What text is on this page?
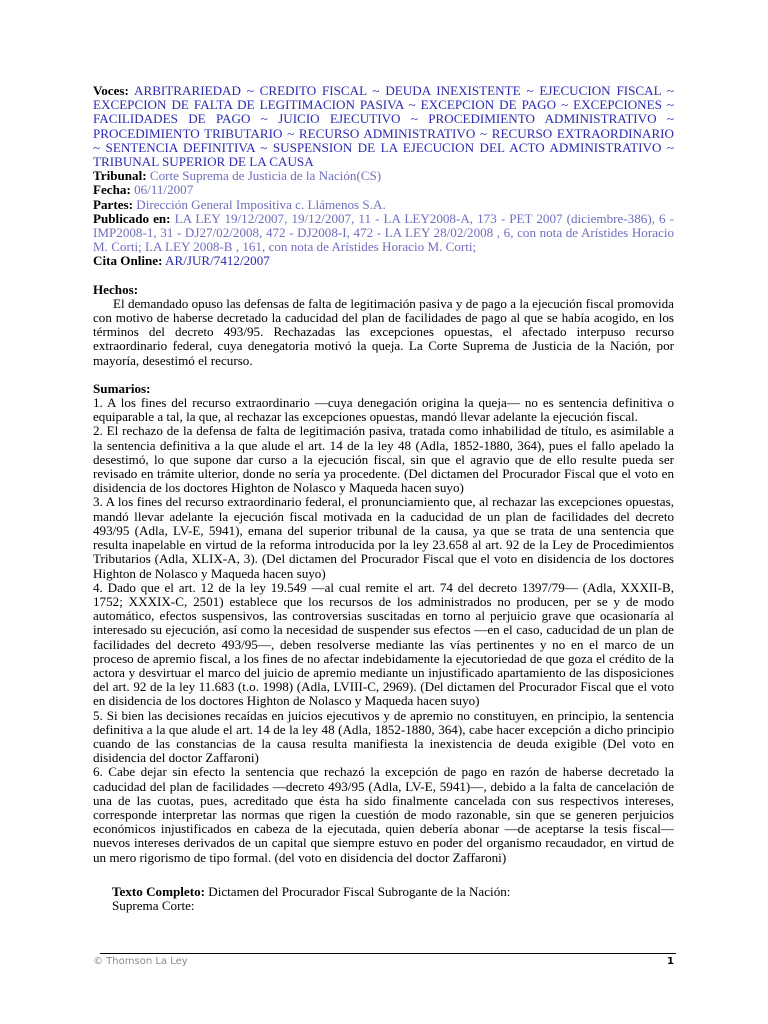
Voces: ARBITRARIEDAD ~ CREDITO FISCAL ~ DEUDA INEXISTENTE ~ EJECUCION FISCAL ~ EXCEPCION DE FALTA DE LEGITIMACION PASIVA ~ EXCEPCION DE PAGO ~ EXCEPCIONES ~ FACILIDADES DE PAGO ~ JUICIO EJECUTIVO ~ PROCEDIMIENTO ADMINISTRATIVO ~ PROCEDIMIENTO TRIBUTARIO ~ RECURSO ADMINISTRATIVO ~ RECURSO EXTRAORDINARIO ~ SENTENCIA DEFINITIVA ~ SUSPENSION DE LA EJECUCION DEL ACTO ADMINISTRATIVO ~ TRIBUNAL SUPERIOR DE LA CAUSA

Tribunal: Corte Suprema de Justicia de la Nación(CS)

Fecha: 06/11/2007

Partes: Dirección General Impositiva c. Llámenos S.A.

Publicado en: LA LEY 19/12/2007, 19/12/2007, 11 - LA LEY2008-A, 173 - PET 2007 (diciembre-386), 6 - IMP2008-1, 31 - DJ27/02/2008, 472 - DJ2008-I, 472 - LA LEY 28/02/2008 , 6, con nota de Arístides Horacio M. Corti; LA LEY 2008-B , 161, con nota de Arístides Horacio M. Corti;

Cita Online: AR/JUR/7412/2007

Hechos:

El demandado opuso las defensas de falta de legitimación pasiva y de pago a la ejecución fiscal promovida con motivo de haberse decretado la caducidad del plan de facilidades de pago al que se había acogido, en los términos del decreto 493/95. Rechazadas las excepciones opuestas, el afectado interpuso recurso extraordinario federal, cuya denegatoria motivó la queja. La Corte Suprema de Justicia de la Nación, por mayoría, desestimó el recurso.

Sumarios:

1. A los fines del recurso extraordinario —cuya denegación origina la queja— no es sentencia definitiva o equiparable a tal, la que, al rechazar las excepciones opuestas, mandó llevar adelante la ejecución fiscal.

2. El rechazo de la defensa de falta de legitimación pasiva, tratada como inhabilidad de título, es asimilable a la sentencia definitiva a la que alude el art. 14 de la ley 48 (Adla, 1852-1880, 364), pues el fallo apelado la desestimó, lo que supone dar curso a la ejecución fiscal, sin que el agravio que de ello resulte pueda ser revisado en trámite ulterior, donde no sería ya procedente. (Del dictamen del Procurador Fiscal que el voto en disidencia de los doctores Highton de Nolasco y Maqueda hacen suyo)

3. A los fines del recurso extraordinario federal, el pronunciamiento que, al rechazar las excepciones opuestas, mandó llevar adelante la ejecución fiscal motivada en la caducidad de un plan de facilidades del decreto 493/95 (Adla, LV-E, 5941), emana del superior tribunal de la causa, ya que se trata de una sentencia que resulta inapelable en virtud de la reforma introducida por la ley 23.658 al art. 92 de la Ley de Procedimientos Tributarios (Adla, XLIX-A, 3). (Del dictamen del Procurador Fiscal que el voto en disidencia de los doctores Highton de Nolasco y Maqueda hacen suyo)

4. Dado que el art. 12 de la ley 19.549 —al cual remite el art. 74 del decreto 1397/79— (Adla, XXXII-B, 1752; XXXIX-C, 2501) establece que los recursos de los administrados no producen, per se y de modo automático, efectos suspensivos, las controversias suscitadas en torno al perjuicio grave que ocasionaría al interesado su ejecución, así como la necesidad de suspender sus efectos —en el caso, caducidad de un plan de facilidades del decreto 493/95—, deben resolverse mediante las vías pertinentes y no en el marco de un proceso de apremio fiscal, a los fines de no afectar indebidamente la ejecutoriedad de que goza el crédito de la actora y desvirtuar el marco del juicio de apremio mediante un injustificado apartamiento de las disposiciones del art. 92 de la ley 11.683 (t.o. 1998) (Adla, LVIII-C, 2969). (Del dictamen del Procurador Fiscal que el voto en disidencia de los doctores Highton de Nolasco y Maqueda hacen suyo)

5. Si bien las decisiones recaídas en juicios ejecutivos y de apremio no constituyen, en principio, la sentencia definitiva a la que alude el art. 14 de la ley 48 (Adla, 1852-1880, 364), cabe hacer excepción a dicho principio cuando de las constancias de la causa resulta manifiesta la inexistencia de deuda exigible (Del voto en disidencia del doctor Zaffaroni)

6. Cabe dejar sin efecto la sentencia que rechazó la excepción de pago en razón de haberse decretado la caducidad del plan de facilidades —decreto 493/95 (Adla, LV-E, 5941)—, debido a la falta de cancelación de una de las cuotas, pues, acreditado que ésta ha sido finalmente cancelada con sus respectivos intereses, corresponde interpretar las normas que rigen la cuestión de modo razonable, sin que se generen perjuicios económicos injustificados en cabeza de la ejecutada, quien debería abonar —de aceptarse la tesis fiscal— nuevos intereses derivados de un capital que siempre estuvo en poder del organismo recaudador, en virtud de un mero rigorismo de tipo formal. (del voto en disidencia del doctor Zaffaroni)

Texto Completo: Dictamen del Procurador Fiscal Subrogante de la Nación:

Suprema Corte:

© Thomson La Ley	1
